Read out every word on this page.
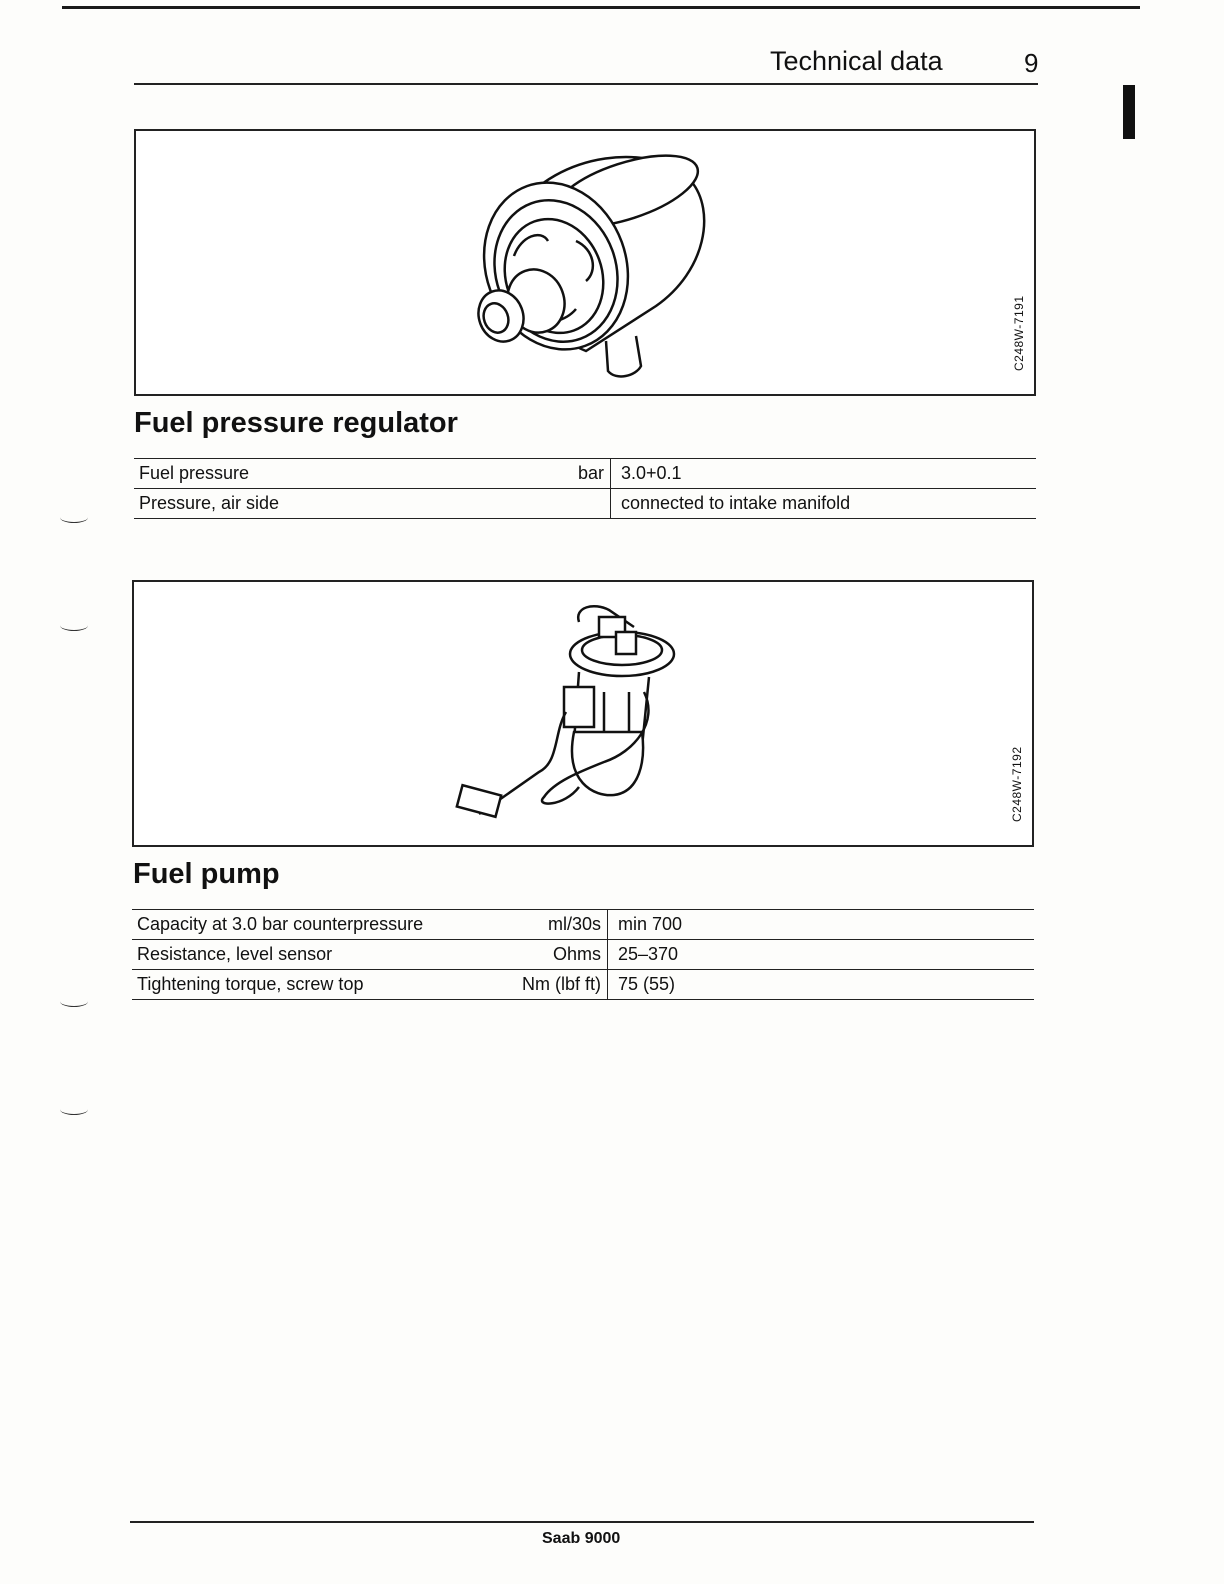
Technical data	9
C248W-7191
Fuel pressure regulator
Fuel pressure	bar 3.0+0.1
Pressure, air side	connected to intake manifold
C248W-7192
Fuel pump
Capacity at 3.0 bar counterpressure	ml/30s min 700
Resistance, level sensor	Ohms 25–370
Tightening torque, screw top	Nm (lbf ft) 75 (55)
Saab 9000
